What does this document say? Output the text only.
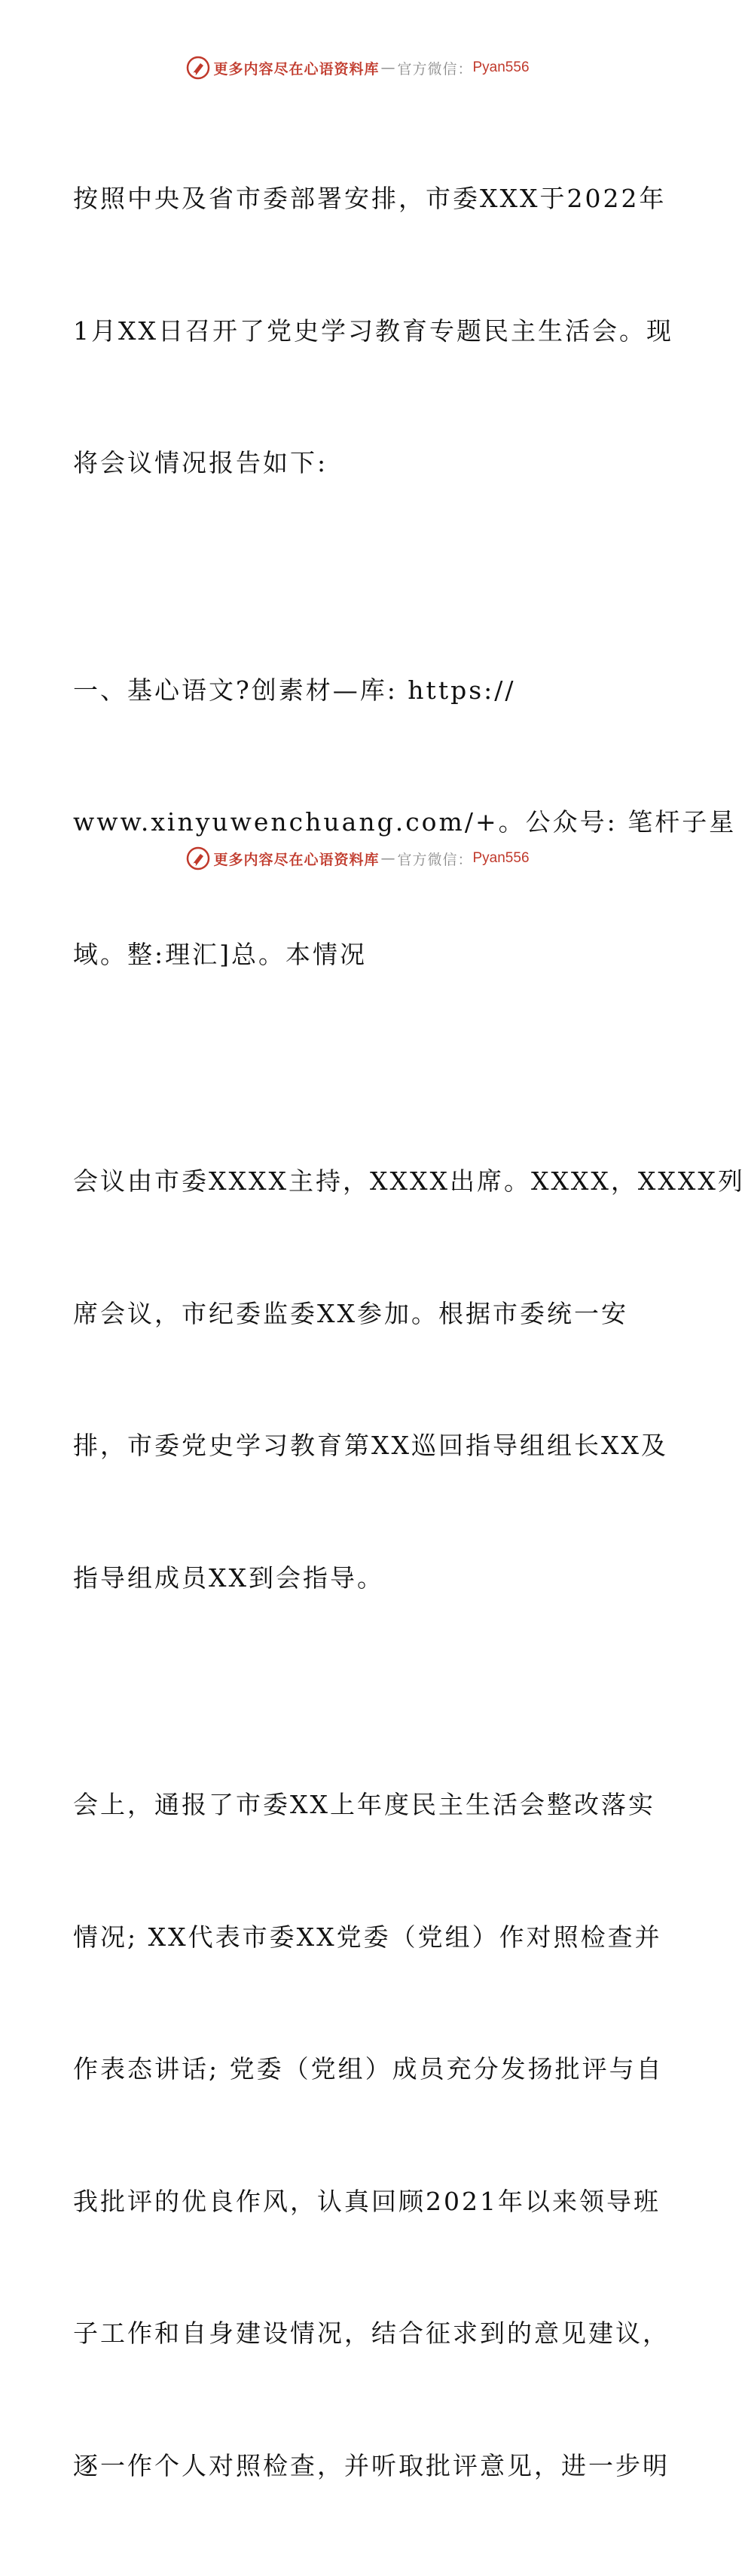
更多内容尽在心语资料库 — 官方微信： Pyan556

按照中央及省市委部署安排，市委XXX于2022年

1月XX日召开了党史学习教育专题民主生活会。现

将会议情况报告如下:

一、基心语文?创素材—库: https://

www.xinyuwenchuang.com/+。公众号: 笔杆子星

域。整:理汇]总。本情况

会议由市委XXXX主持，XXXX出席。XXXX，XXXX列

席会议，市纪委监委XX参加。根据市委统一安

排，市委党史学习教育第XX巡回指导组组长XX及

指导组成员XX到会指导。

会上，通报了市委XX上年度民主生活会整改落实

情况; XX代表市委XX党委（党组）作对照检查并

作表态讲话; 党委（党组）成员充分发扬批评与自

我批评的优良作风，认真回顾2021年以来领导班

子工作和自身建设情况，结合征求到的意见建议，

逐一作个人对照检查，并听取批评意见，进一步明

更多内容尽在心语资料库 — 官方微信： Pyan556
